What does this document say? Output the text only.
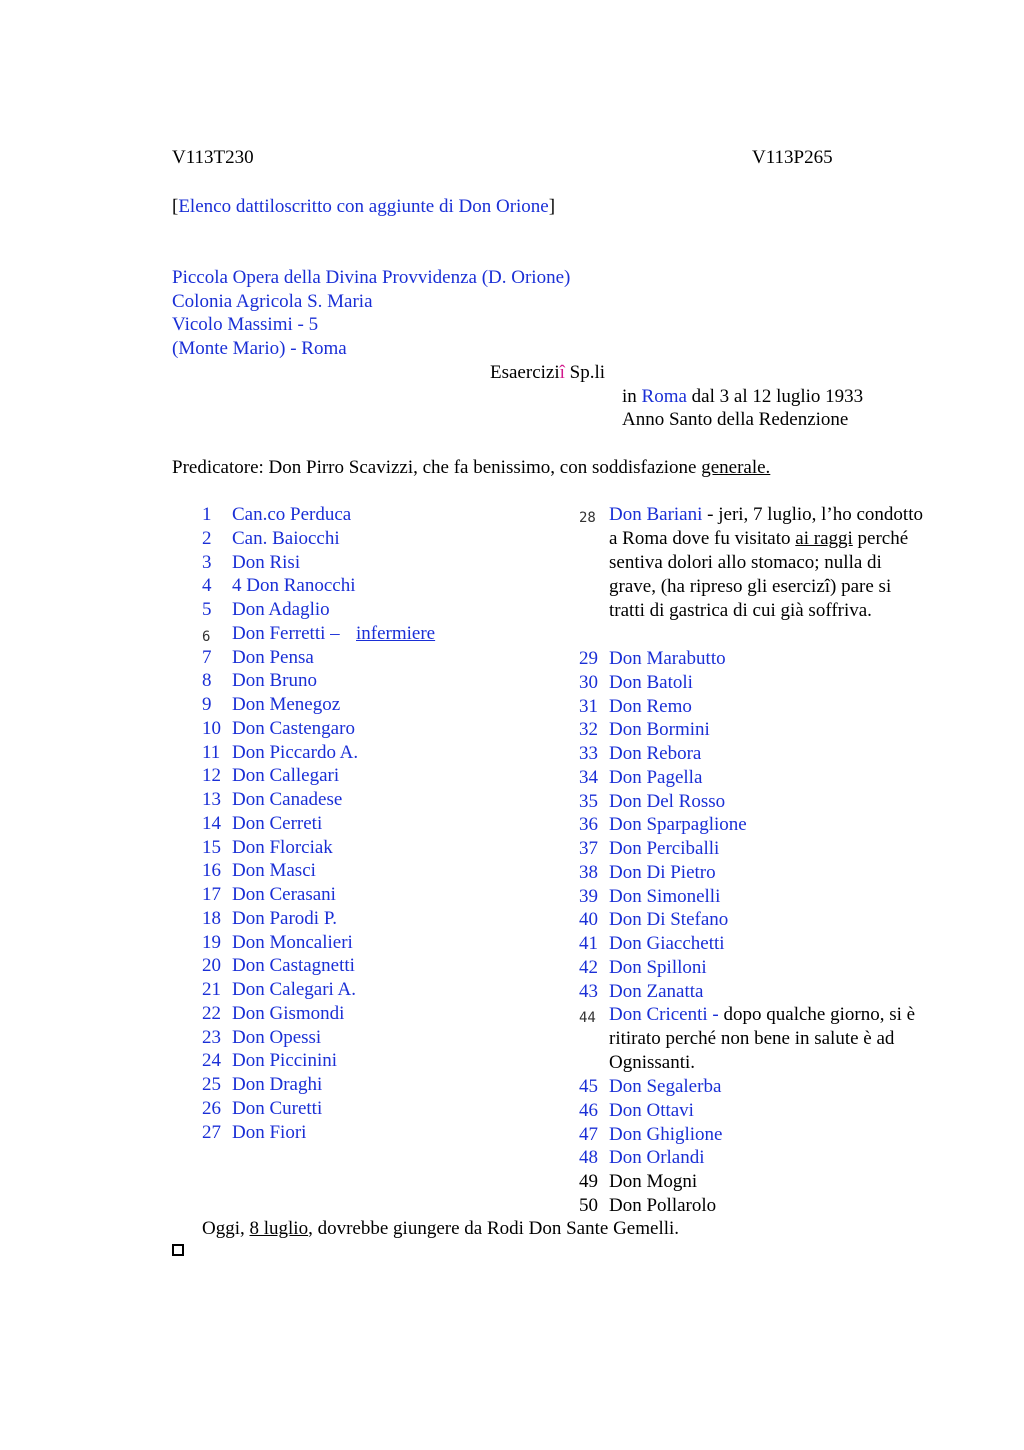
V113T230	V113P265
[Elenco dattiloscritto con aggiunte di Don Orione]
Piccola Opera della Divina Provvidenza (D. Orione)
Colonia Agricola S. Maria
Vicolo Massimi - 5
(Monte Mario) - Roma
Esaerciziî Sp.li
in Roma dal 3 al 12 luglio 1933
Anno Santo della Redenzione
Predicatore: Don Pirro Scavizzi, che fa benissimo, con soddisfazione generale.
1 Can.co Perduca
2 Can. Baiocchi
3 Don Risi
4 4 Don Ranocchi
5 Don Adaglio
6 Don Ferretti – infermiere
7 Don Pensa
8 Don Bruno
9 Don Menegoz
10 Don Castengaro
11 Don Piccardo A.
12 Don Callegari
13 Don Canadese
14 Don Cerreti
15 Don Florciak
16 Don Masci
17 Don Cerasani
18 Don Parodi P.
19 Don Moncalieri
20 Don Castagnetti
21 Don Calegari A.
22 Don Gismondi
23 Don Opessi
24 Don Piccinini
25 Don Draghi
26 Don Curetti
27 Don Fiori
28 Don Bariani - jeri, 7 luglio, l’ho condotto a Roma dove fu visitato ai raggi perché sentiva dolori allo stomaco; nulla di grave, (ha ripreso gli esercizî) pare si tratti di gastrica di cui già soffriva.
29 Don Marabutto
30 Don Batoli
31 Don Remo
32 Don Bormini
33 Don Rebora
34 Don Pagella
35 Don Del Rosso
36 Don Sparpaglione
37 Don Perciballi
38 Don Di Pietro
39 Don Simonelli
40 Don Di Stefano
41 Don Giacchetti
42 Don Spilloni
43 Don Zanatta
44 Don Cricenti - dopo qualche giorno, si è ritirato perché non bene in salute è ad Ognissanti.
45 Don Segalerba
46 Don Ottavi
47 Don Ghiglione
48 Don Orlandi
49 Don Mogni
50 Don Pollarolo
Oggi, 8 luglio, dovrebbe giungere da Rodi Don Sante Gemelli.
